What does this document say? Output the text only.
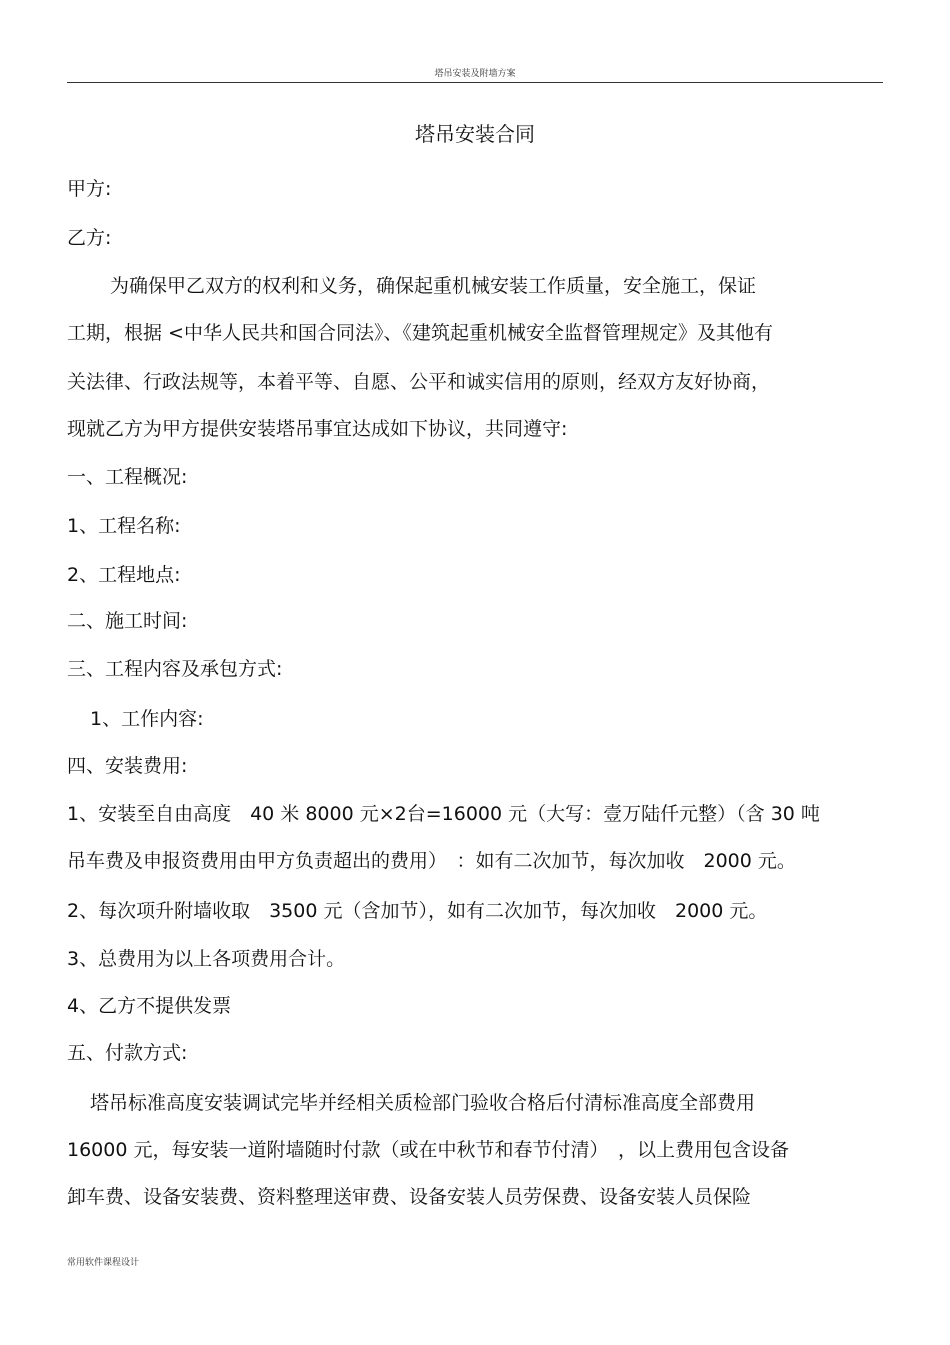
塔吊安装及附墙方案
塔吊安装合同
甲方:
乙方:
为确保甲乙双方的权利和义务，确保起重机械安装工作质量，安全施工，保证
工期，根据 <中华人民共和国合同法》、《建筑起重机械安全监督管理规定》及其他有
关法律、行政法规等，本着平等、自愿、公平和诚实信用的原则，经双方友好协商，
现就乙方为甲方提供安装塔吊事宜达成如下协议，共同遵守:
一、工程概况:
1、工程名称:
2、工程地点:
二、施工时间:
三、工程内容及承包方式:
1、工作内容:
四、安装费用:
1、安装至自由高度　40 米 8000 元×2台=16000 元（大写：壹万陆仟元整）（含 30 吨
吊车费及申报资费用由甲方负责超出的费用）　：如有二次加节，每次加收　2000 元。
2、每次项升附墙收取　3500 元（含加节），如有二次加节，每次加收　2000 元。
3、总费用为以上各项费用合计。
4、乙方不提供发票
五、付款方式:
塔吊标准高度安装调试完毕并经相关质检部门验收合格后付清标准高度全部费用
16000 元，每安装一道附墙随时付款（或在中秋节和春节付清）　，以上费用包含设备
卸车费、设备安装费、资料整理送审费、设备安装人员劳保费、设备安装人员保险
常用软件课程设计
